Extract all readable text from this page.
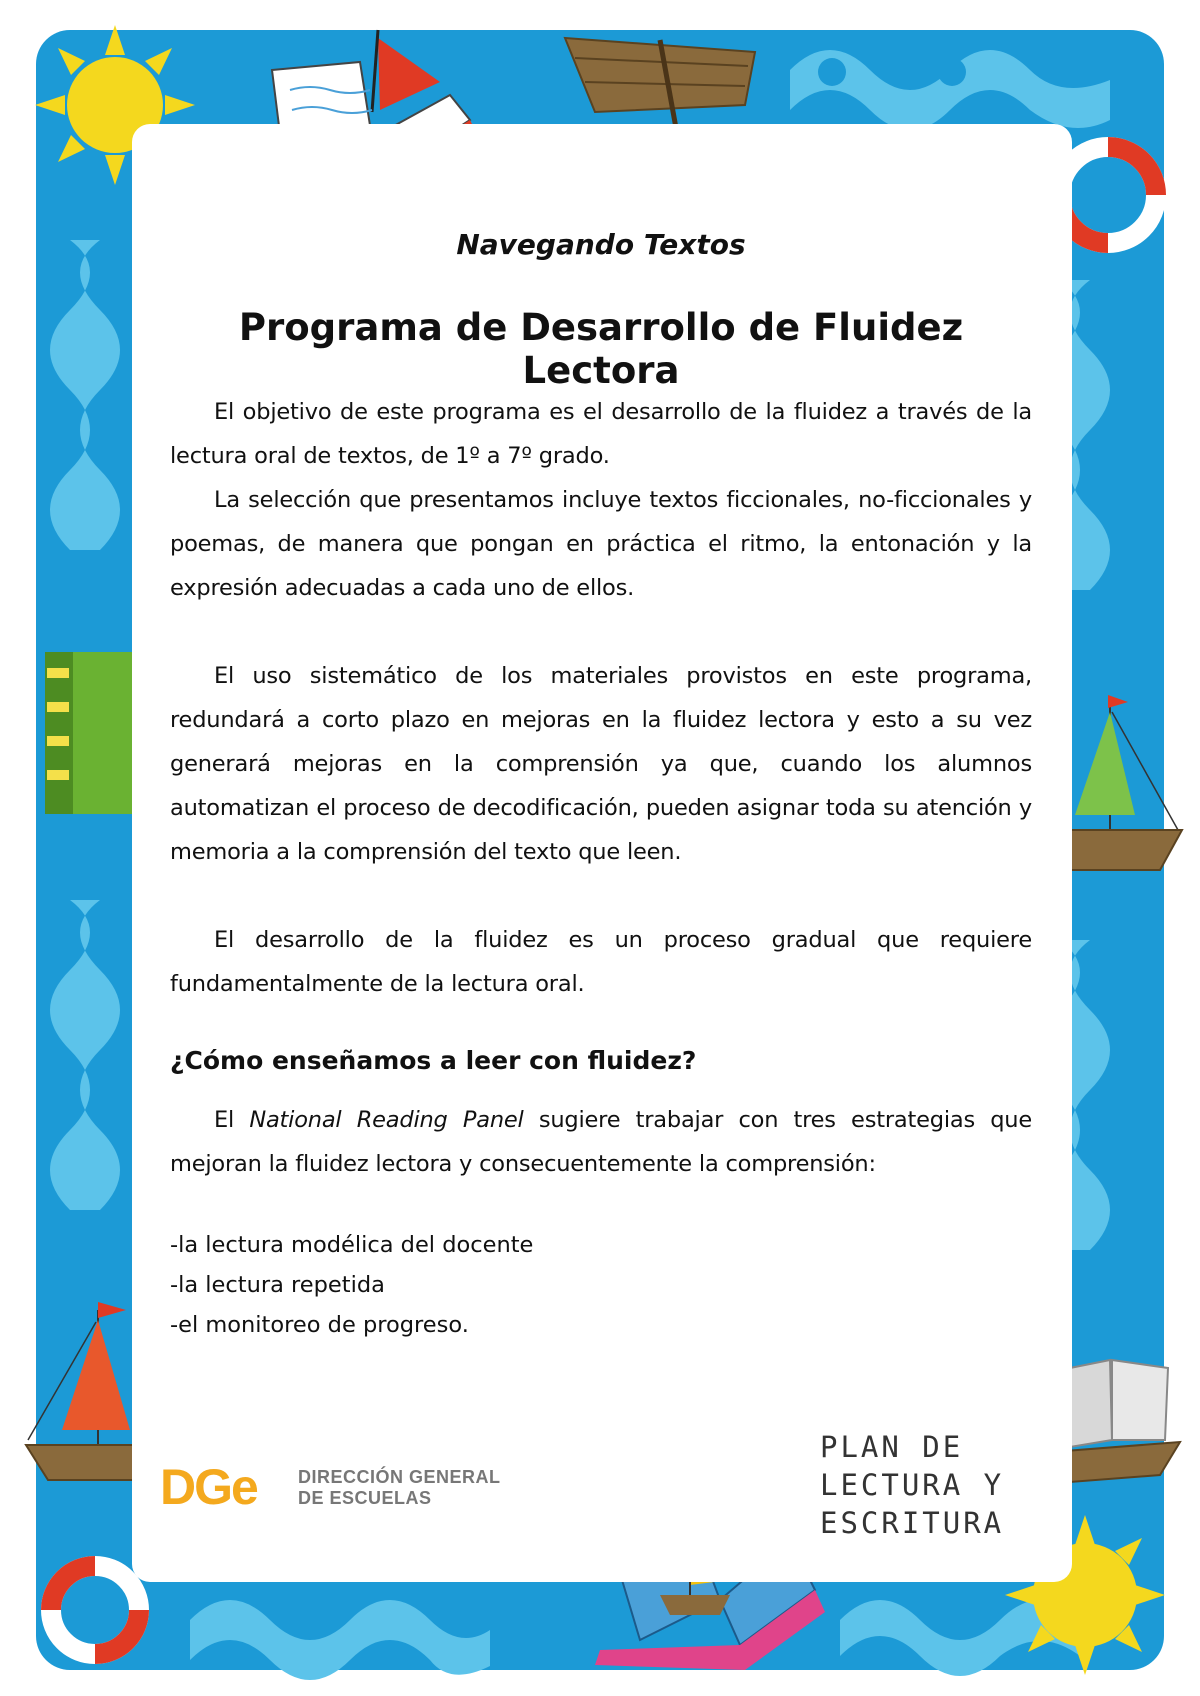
Navegando Textos
Programa de Desarrollo de Fluidez Lectora
El objetivo de este programa es el desarrollo de la fluidez a través de la lectura oral de textos, de 1º a 7º grado.
La selección que presentamos incluye textos ficcionales, no-ficcionales y poemas, de manera que pongan en práctica el ritmo, la entonación y la expresión adecuadas a cada uno de ellos.
El uso sistemático de los materiales provistos en este programa, redundará a corto plazo en mejoras en la fluidez lectora y esto a su vez generará mejoras en la comprensión ya que, cuando los alumnos automatizan el proceso de decodificación, pueden asignar toda su atención y memoria a la comprensión del texto que leen.
El desarrollo de la fluidez es un proceso gradual que requiere fundamentalmente de la lectura oral.
¿Cómo enseñamos a leer con fluidez?
El National Reading Panel sugiere trabajar con tres estrategias que mejoran la fluidez lectora y consecuentemente la comprensión:
-la lectura modélica del docente
-la lectura repetida
-el monitoreo de progreso.
DGe DIRECCIÓN GENERAL
DE ESCUELAS
PLAN DE
LECTURA Y
ESCRITURA
